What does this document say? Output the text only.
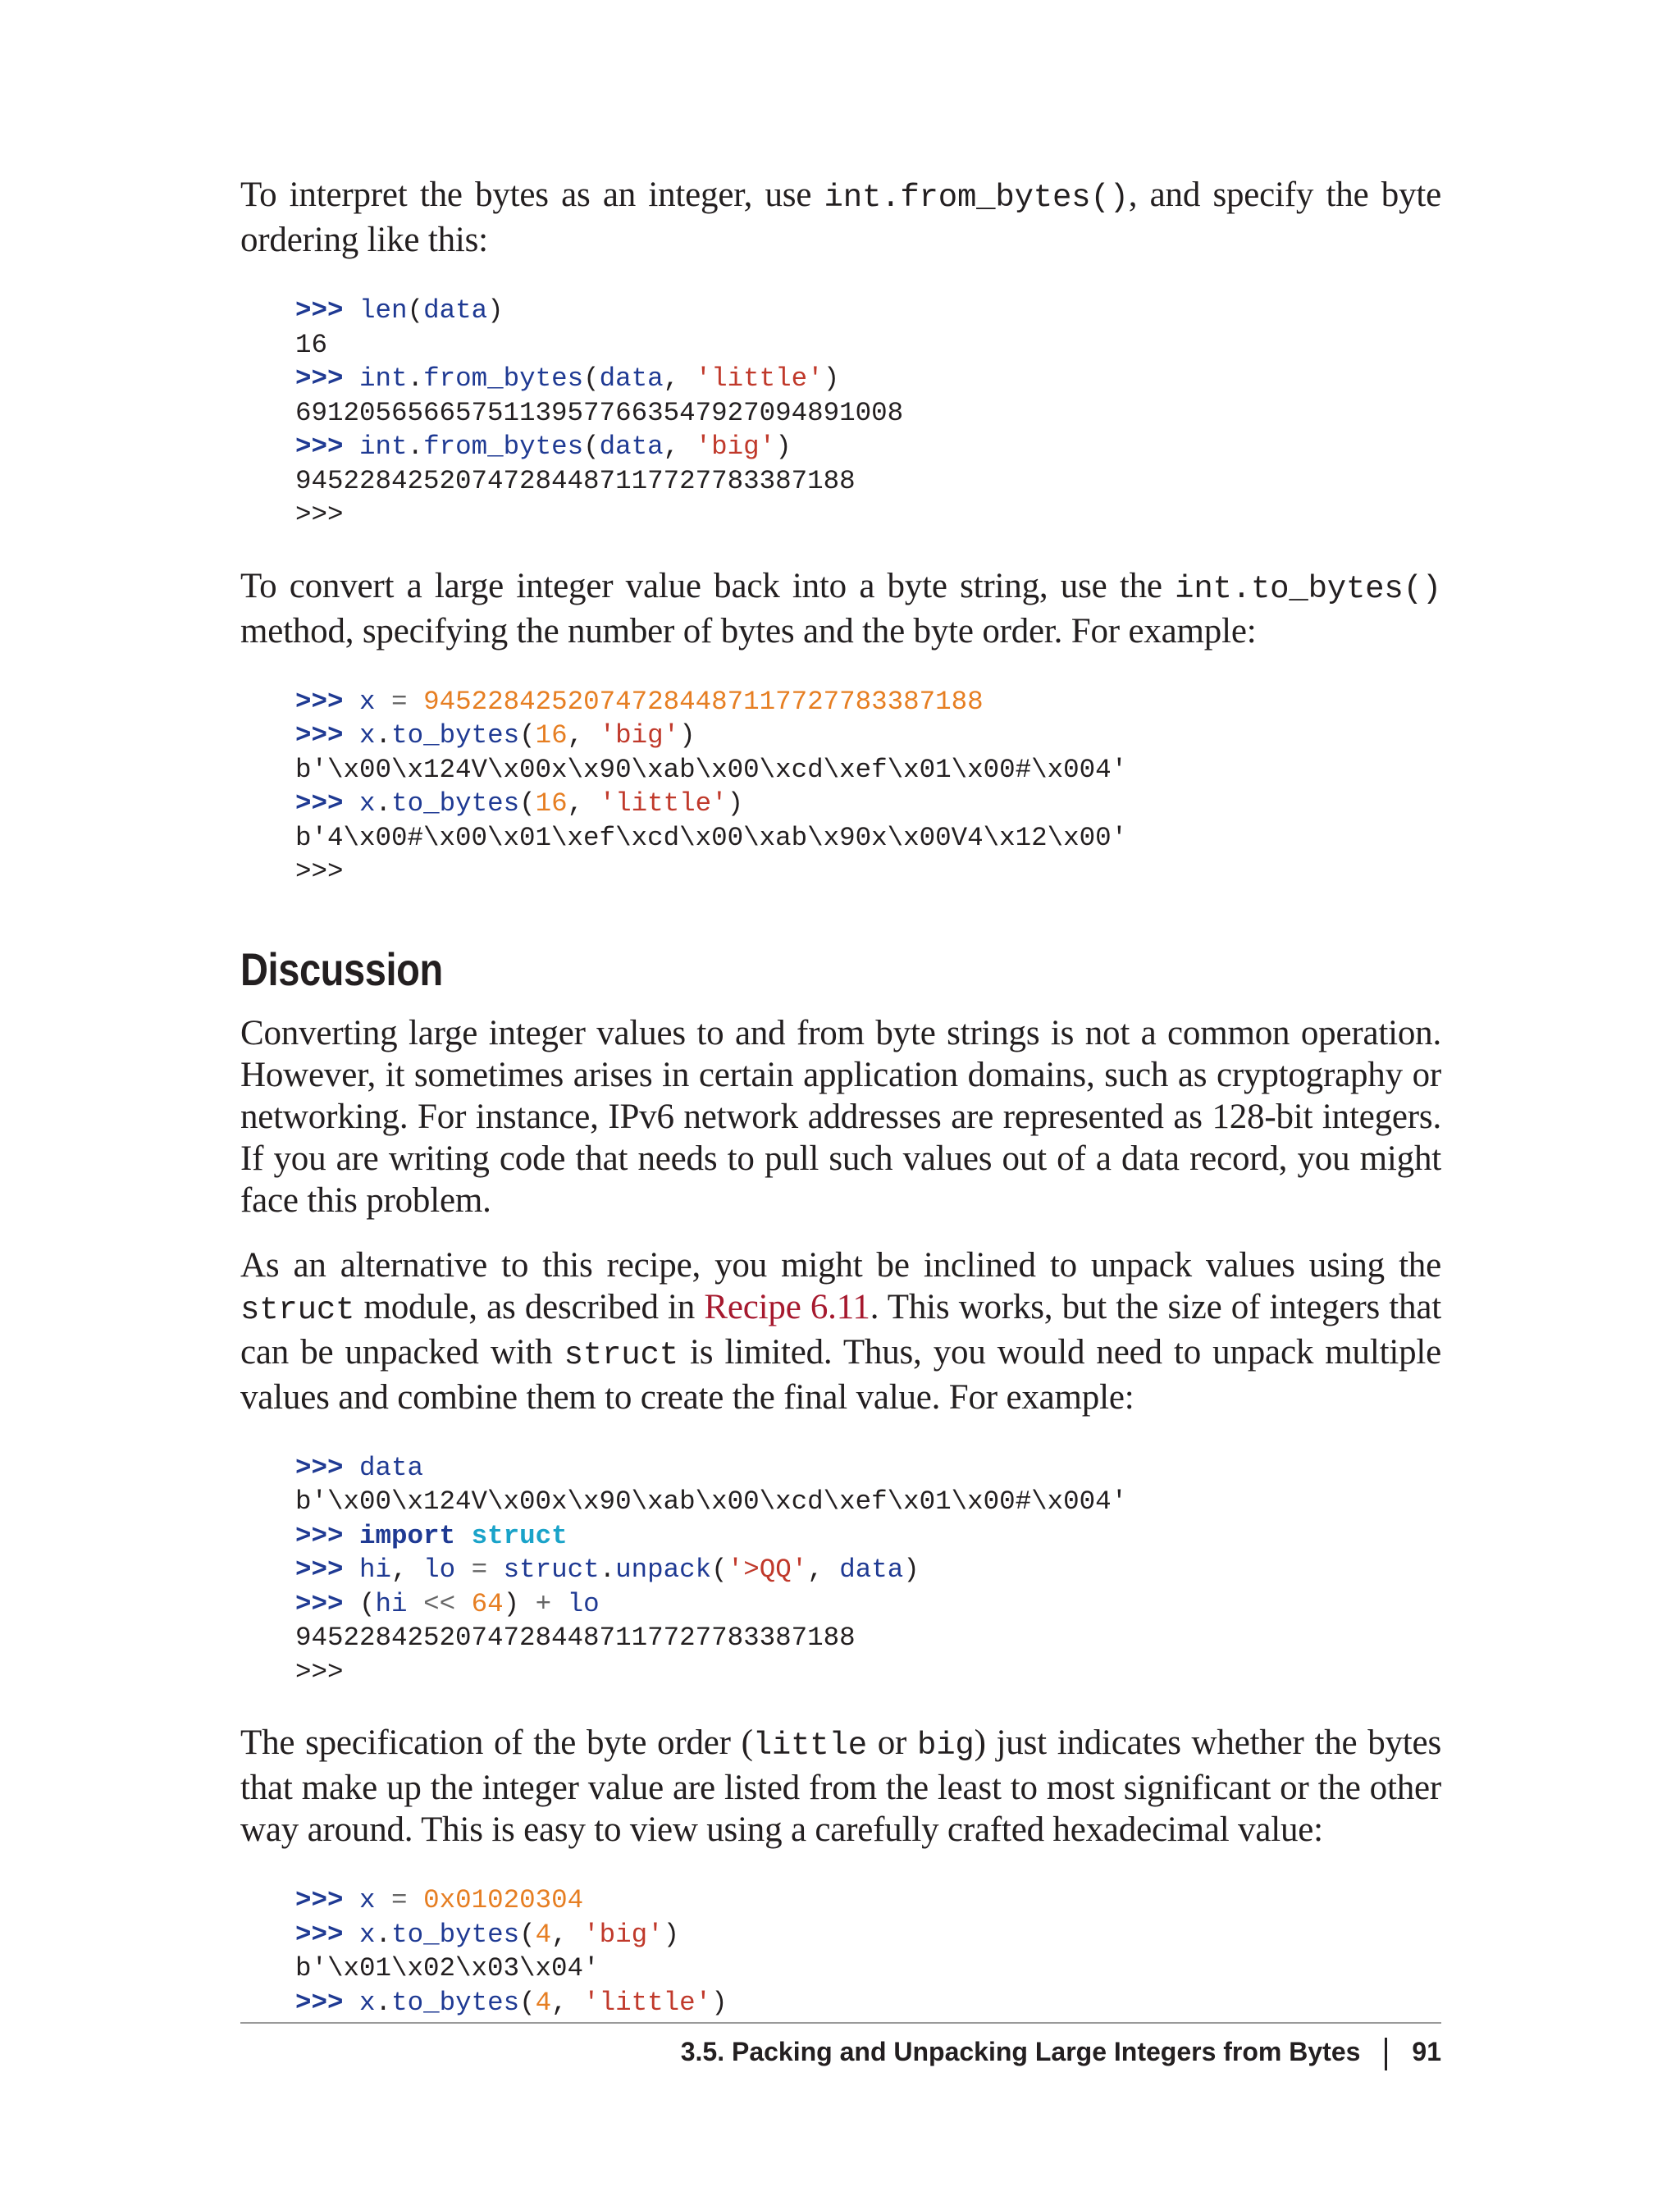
To interpret the bytes as an integer, use int.from_bytes(), and specify the byte ordering like this:

>>> len(data)
16
>>> int.from_bytes(data, 'little')
69120565665751139577663547927094891008
>>> int.from_bytes(data, 'big')
94522842520747284487117727783387188
>>>

To convert a large integer value back into a byte string, use the int.to_bytes() method, specifying the number of bytes and the byte order. For example:

>>> x = 94522842520747284487117727783387188
>>> x.to_bytes(16, 'big')
b'\x00\x124V\x00x\x90\xab\x00\xcd\xef\x01\x00#\x004'
>>> x.to_bytes(16, 'little')
b'4\x00#\x00\x01\xef\xcd\x00\xab\x90x\x00V4\x12\x00'
>>>
Discussion

Converting large integer values to and from byte strings is not a common operation. However, it sometimes arises in certain application domains, such as cryptography or networking. For instance, IPv6 network addresses are represented as 128-bit integers. If you are writing code that needs to pull such values out of a data record, you might face this problem.

As an alternative to this recipe, you might be inclined to unpack values using the struct module, as described in Recipe 6.11. This works, but the size of integers that can be unpacked with struct is limited. Thus, you would need to unpack multiple values and combine them to create the final value. For example:

>>> data
b'\x00\x124V\x00x\x90\xab\x00\xcd\xef\x01\x00#\x004'
>>> import struct
>>> hi, lo = struct.unpack('>QQ', data)
>>> (hi << 64) + lo
94522842520747284487117727783387188
>>>

The specification of the byte order (little or big) just indicates whether the bytes that make up the integer value are listed from the least to most significant or the other way around. This is easy to view using a carefully crafted hexadecimal value:

>>> x = 0x01020304
>>> x.to_bytes(4, 'big')
b'\x01\x02\x03\x04'
>>> x.to_bytes(4, 'little')
3.5. Packing and Unpacking Large Integers from Bytes 91
